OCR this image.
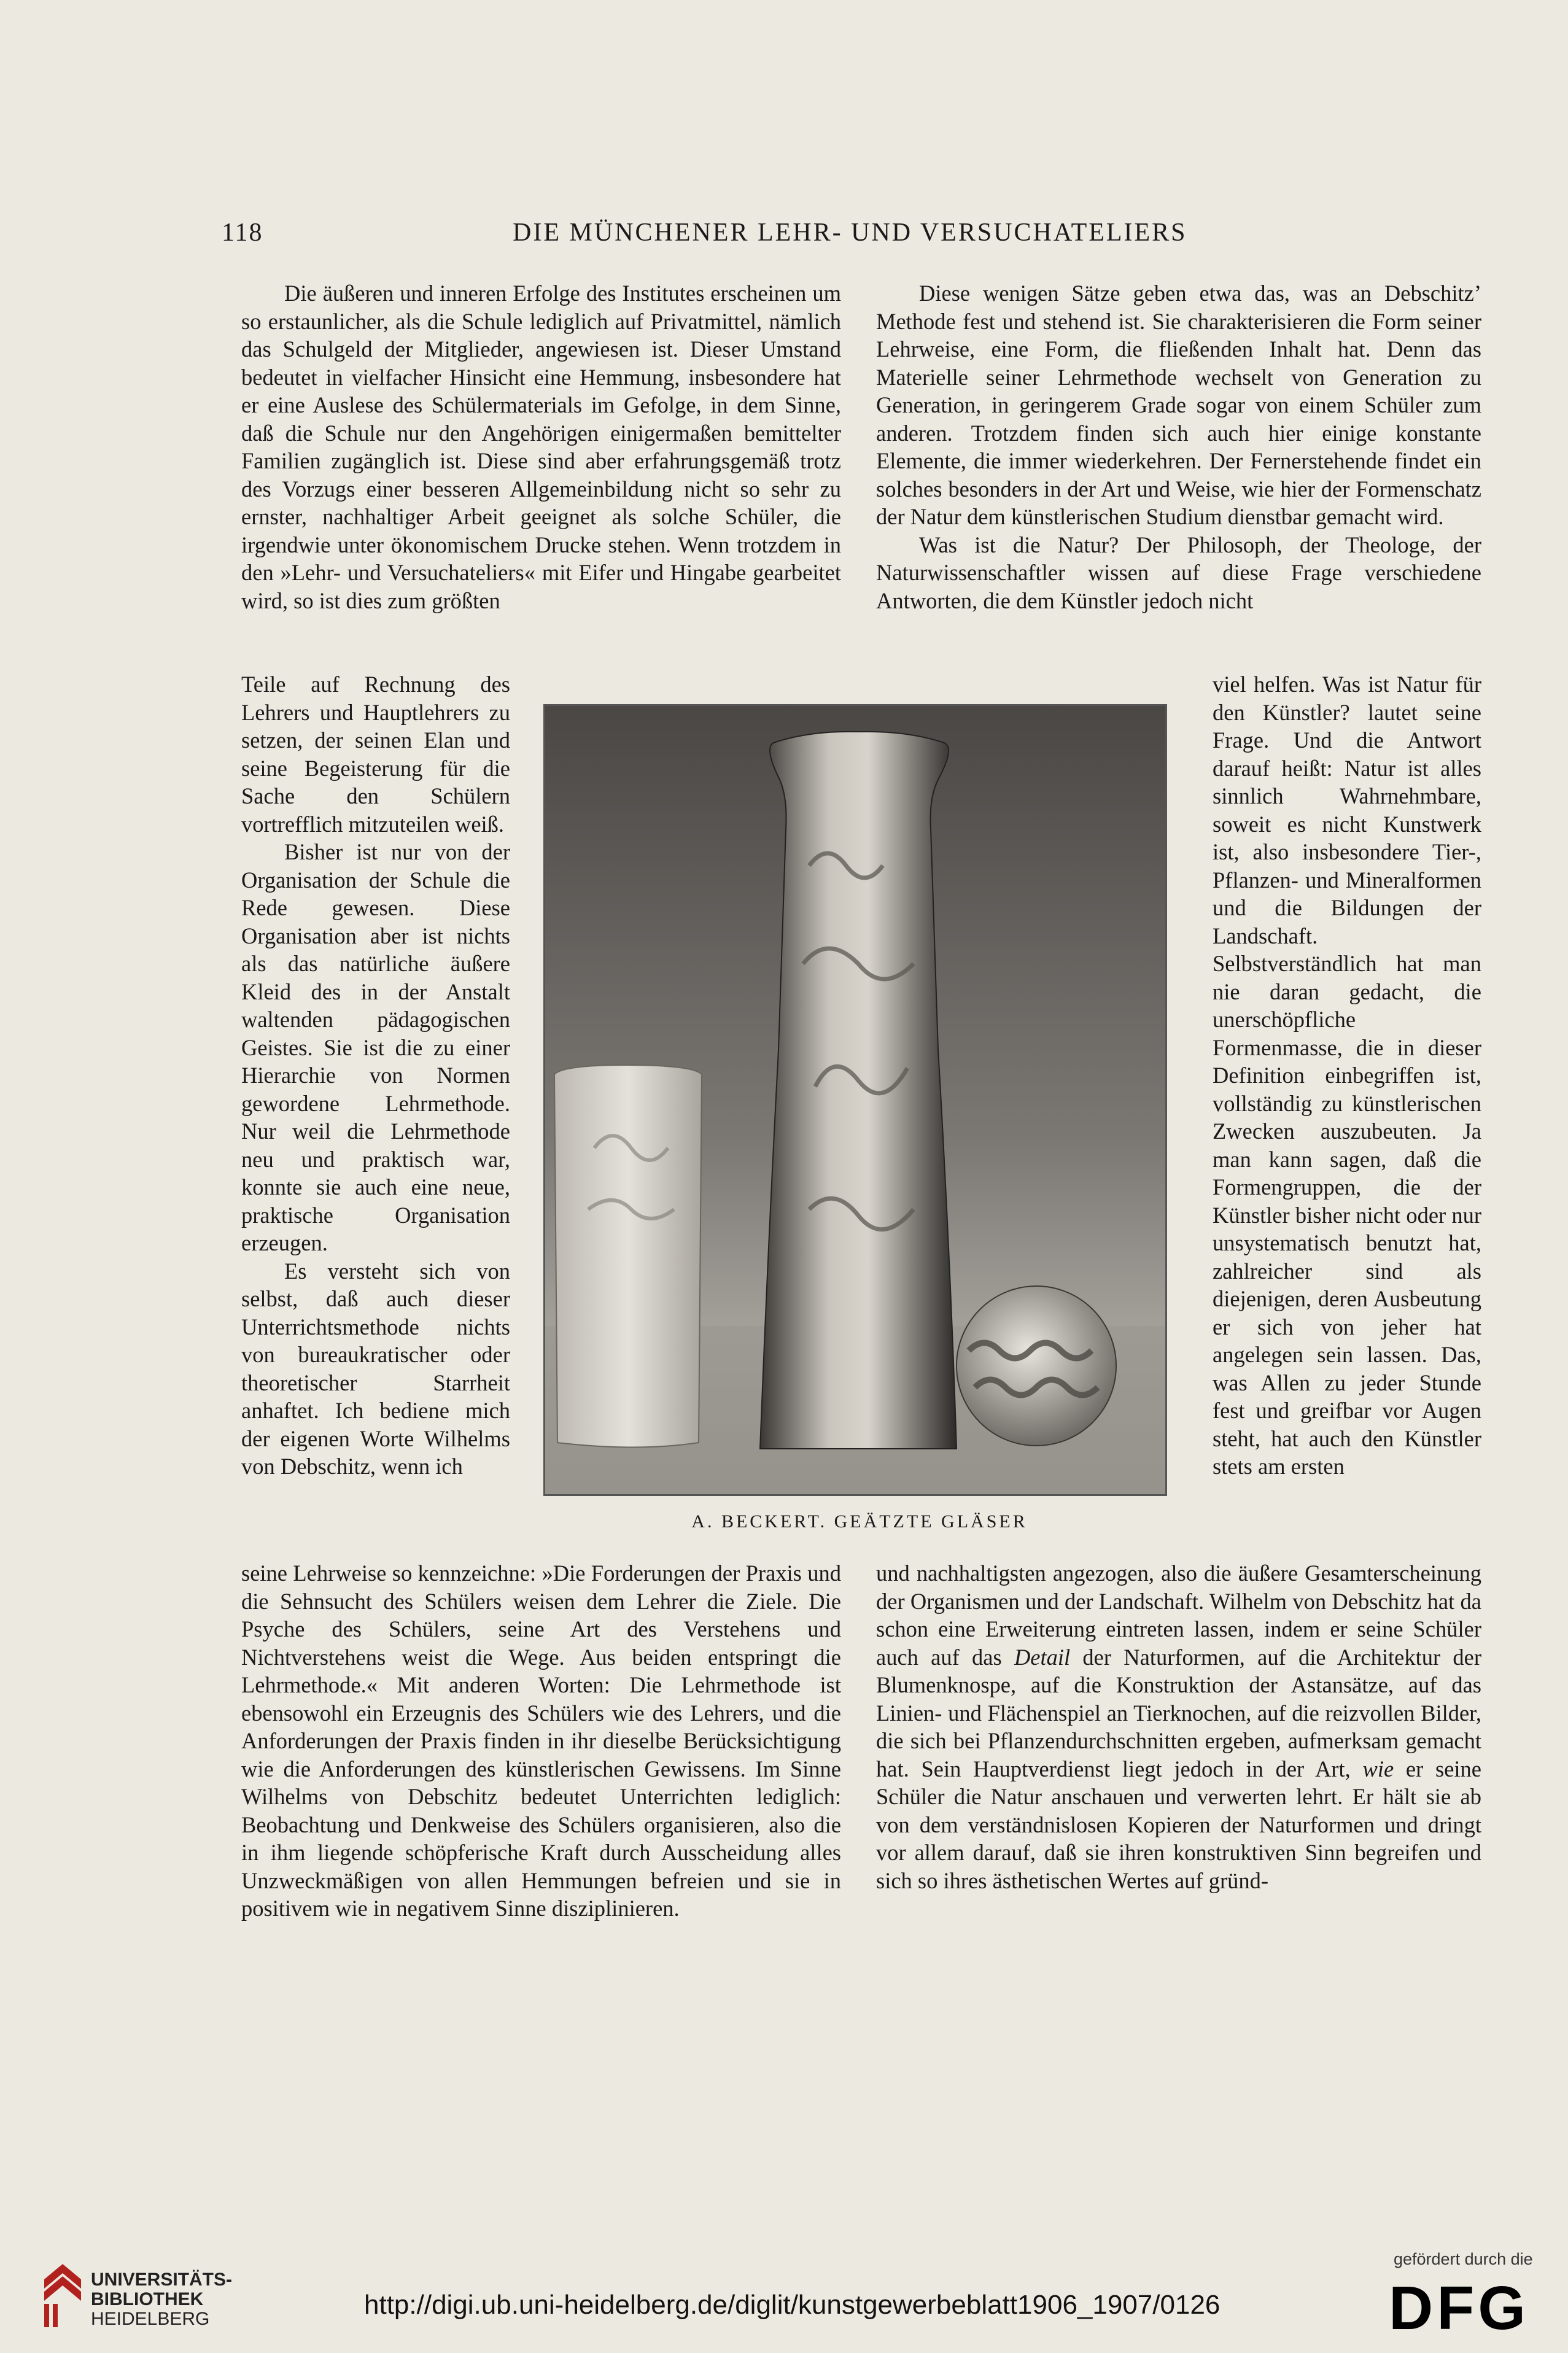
118	DIE MÜNCHENER LEHR- UND VERSUCHATELIERS

Die äußeren und inneren Erfolge des Institutes erscheinen um so erstaunlicher, als die Schule lediglich auf Privatmittel, nämlich das Schulgeld der Mitglieder, angewiesen ist. Dieser Umstand bedeutet in vielfacher Hinsicht eine Hemmung, insbesondere hat er eine Auslese des Schülermaterials im Gefolge, in dem Sinne, daß die Schule nur den Angehörigen einigermaßen bemittelter Familien zugänglich ist. Diese sind aber erfahrungsgemäß trotz des Vorzugs einer besseren Allgemeinbildung nicht so sehr zu ernster, nachhaltiger Arbeit geeignet als solche Schüler, die irgendwie unter ökonomischem Drucke stehen. Wenn trotzdem in den »Lehr- und Versuchateliers« mit Eifer und Hingabe gearbeitet wird, so ist dies zum größten

Teile auf Rechnung des Lehrers und Hauptlehrers zu setzen, der seinen Elan und seine Begeisterung für die Sache den Schülern vortrefflich mitzuteilen weiß.

Bisher ist nur von der Organisation der Schule die Rede gewesen. Diese Organisation aber ist nichts als das natürliche äußere Kleid des in der Anstalt waltenden pädagogischen Geistes. Sie ist die zu einer Hierarchie von Normen gewordene Lehrmethode. Nur weil die Lehrmethode neu und praktisch war, konnte sie auch eine neue, praktische Organisation erzeugen.

Es versteht sich von selbst, daß auch dieser Unterrichtsmethode nichts von bureaukratischer oder theoretischer Starrheit anhaftet. Ich bediene mich der eigenen Worte Wilhelms von Debschitz, wenn ich

seine Lehrweise so kennzeichne: »Die Forderungen der Praxis und die Sehnsucht des Schülers weisen dem Lehrer die Ziele. Die Psyche des Schülers, seine Art des Verstehens und Nichtverstehens weist die Wege. Aus beiden entspringt die Lehrmethode.« Mit anderen Worten: Die Lehrmethode ist ebensowohl ein Erzeugnis des Schülers wie des Lehrers, und die Anforderungen der Praxis finden in ihr dieselbe Berücksichtigung wie die Anforderungen des künstlerischen Gewissens. Im Sinne Wilhelms von Debschitz bedeutet Unterrichten lediglich: Beobachtung und Denkweise des Schülers organisieren, also die in ihm liegende schöpferische Kraft durch Ausscheidung alles Unzweckmäßigen von allen Hemmungen befreien und sie in positivem wie in negativem Sinne disziplinieren.

Diese wenigen Sätze geben etwa das, was an Debschitz’ Methode fest und stehend ist. Sie charakterisieren die Form seiner Lehrweise, eine Form, die fließenden Inhalt hat. Denn das Materielle seiner Lehrmethode wechselt von Generation zu Generation, in geringerem Grade sogar von einem Schüler zum anderen. Trotzdem finden sich auch hier einige konstante Elemente, die immer wiederkehren. Der Fernerstehende findet ein solches besonders in der Art und Weise, wie hier der Formenschatz der Natur dem künstlerischen Studium dienstbar gemacht wird.

Was ist die Natur? Der Philosoph, der Theologe, der Naturwissenschaftler wissen auf diese Frage verschiedene Antworten, die dem Künstler jedoch nicht

viel helfen. Was ist Natur für den Künstler? lautet seine Frage. Und die Antwort darauf heißt: Natur ist alles sinnlich Wahrnehmbare, soweit es nicht Kunstwerk ist, also insbesondere Tier-, Pflanzen- und Mineralformen und die Bildungen der Landschaft. Selbstverständlich hat man nie daran gedacht, die unerschöpfliche Formenmasse, die in dieser Definition einbegriffen ist, vollständig zu künstlerischen Zwecken auszubeuten. Ja man kann sagen, daß die Formengruppen, die der Künstler bisher nicht oder nur unsystematisch benutzt hat, zahlreicher sind als diejenigen, deren Ausbeutung er sich von jeher hat angelegen sein lassen. Das, was Allen zu jeder Stunde fest und greifbar vor Augen steht, hat auch den Künstler stets am ersten

und nachhaltigsten angezogen, also die äußere Gesamterscheinung der Organismen und der Landschaft. Wilhelm von Debschitz hat da schon eine Erweiterung eintreten lassen, indem er seine Schüler auch auf das Detail der Naturformen, auf die Architektur der Blumenknospe, auf die Konstruktion der Astansätze, auf das Linien- und Flächenspiel an Tierknochen, auf die reizvollen Bilder, die sich bei Pflanzendurchschnitten ergeben, aufmerksam gemacht hat. Sein Hauptverdienst liegt jedoch in der Art, wie er seine Schüler die Natur anschauen und verwerten lehrt. Er hält sie ab von dem verständnislosen Kopieren der Naturformen und dringt vor allem darauf, daß sie ihren konstruktiven Sinn begreifen und sich so ihres ästhetischen Wertes auf gründ-

A. BECKERT. GEÄTZTE GLÄSER
UNIVERSITÄTS-
BIBLIOTHEK
HEIDELBERG	http://digi.ub.uni-heidelberg.de/diglit/kunstgewerbeblatt1906_1907/0126
gefördert durch die
DFG
